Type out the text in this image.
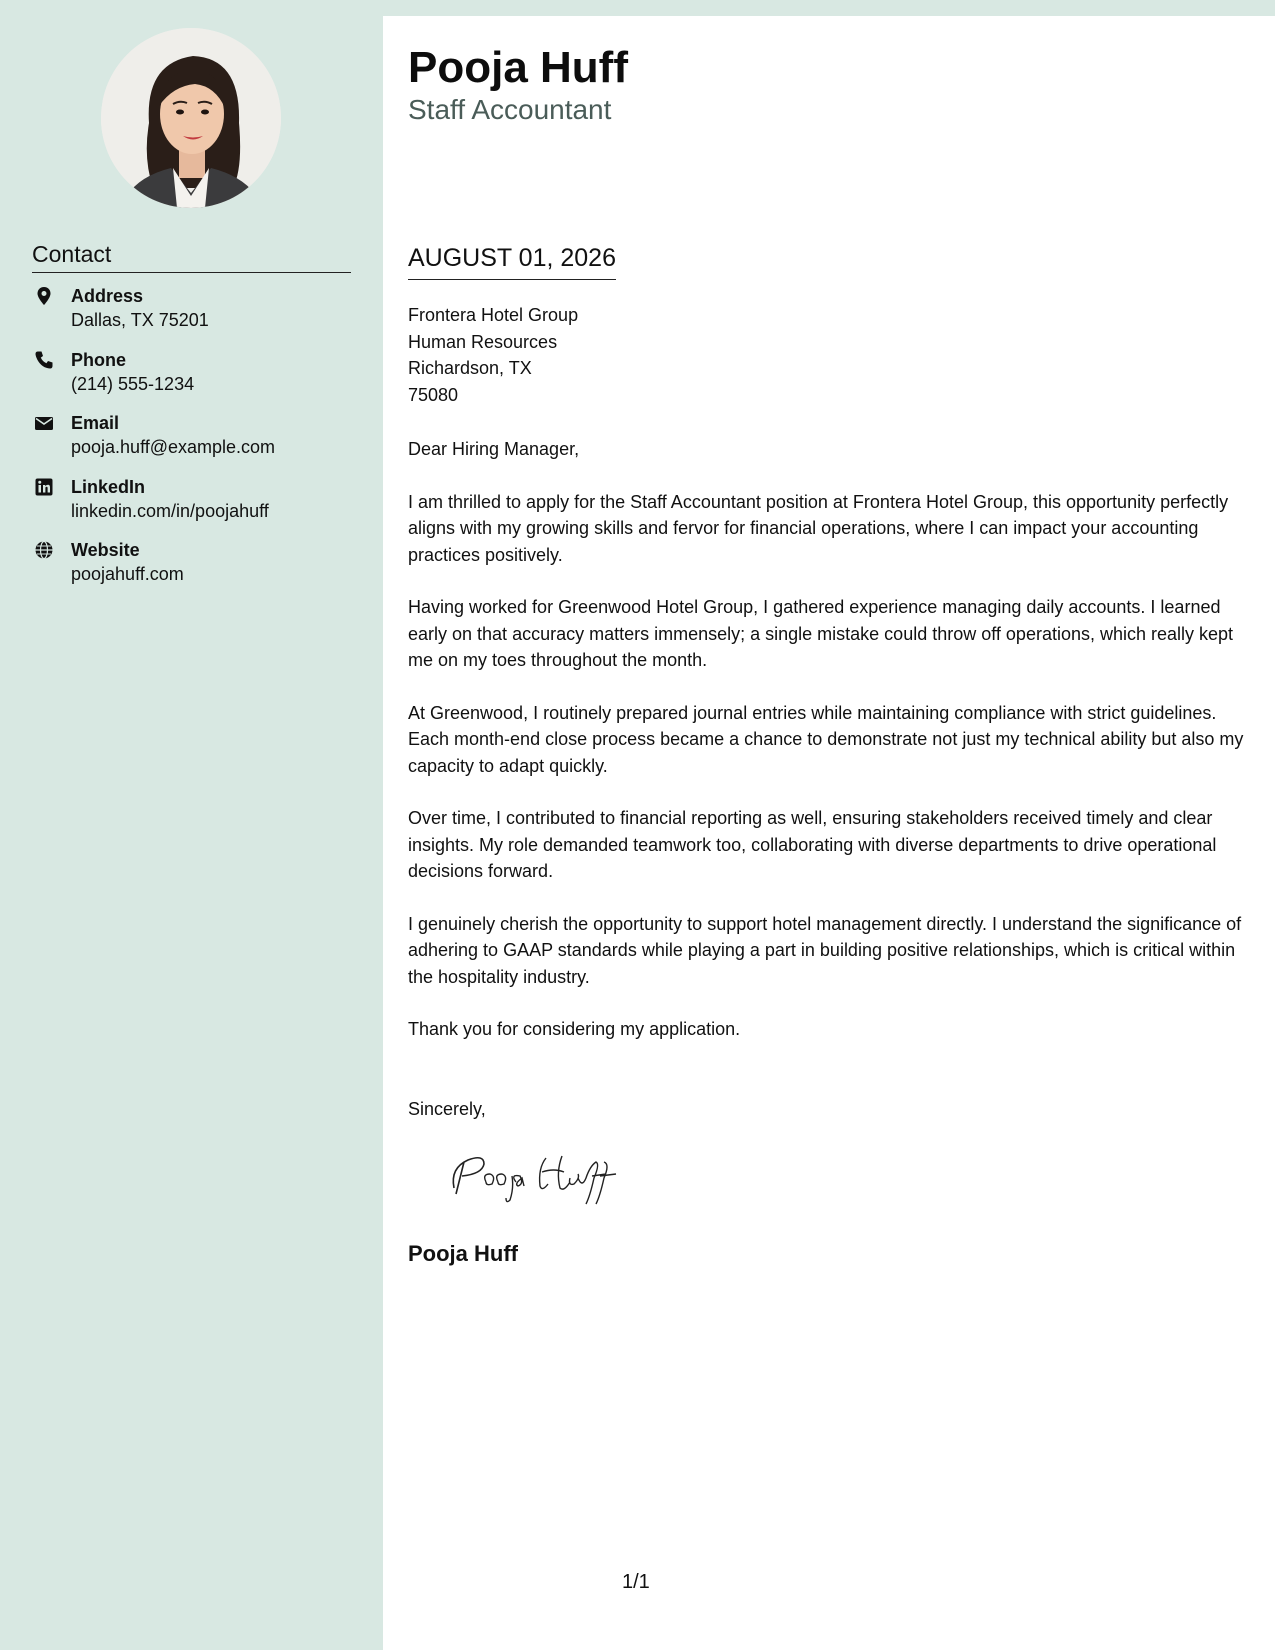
Contact
Address
Dallas, TX 75201
Phone
(214) 555-1234
Email
pooja.huff@example.com
LinkedIn
linkedin.com/in/poojahuff
Website
poojahuff.com
Pooja Huff
Staff Accountant
AUGUST 01, 2026
Frontera Hotel Group
Human Resources
Richardson, TX
75080

Dear Hiring Manager,

I am thrilled to apply for the Staff Accountant position at Frontera Hotel Group, this opportunity perfectly aligns with my growing skills and fervor for financial operations, where I can impact your accounting practices positively.

Having worked for Greenwood Hotel Group, I gathered experience managing daily accounts. I learned early on that accuracy matters immensely; a single mistake could throw off operations, which really kept me on my toes throughout the month.

At Greenwood, I routinely prepared journal entries while maintaining compliance with strict guidelines. Each month-end close process became a chance to demonstrate not just my technical ability but also my capacity to adapt quickly.

Over time, I contributed to financial reporting as well, ensuring stakeholders received timely and clear insights. My role demanded teamwork too, collaborating with diverse departments to drive operational decisions forward.

I genuinely cherish the opportunity to support hotel management directly. I understand the significance of adhering to GAAP standards while playing a part in building positive relationships, which is critical within the hospitality industry.

Thank you for considering my application.

Sincerely,
Pooja Huff
1/1
